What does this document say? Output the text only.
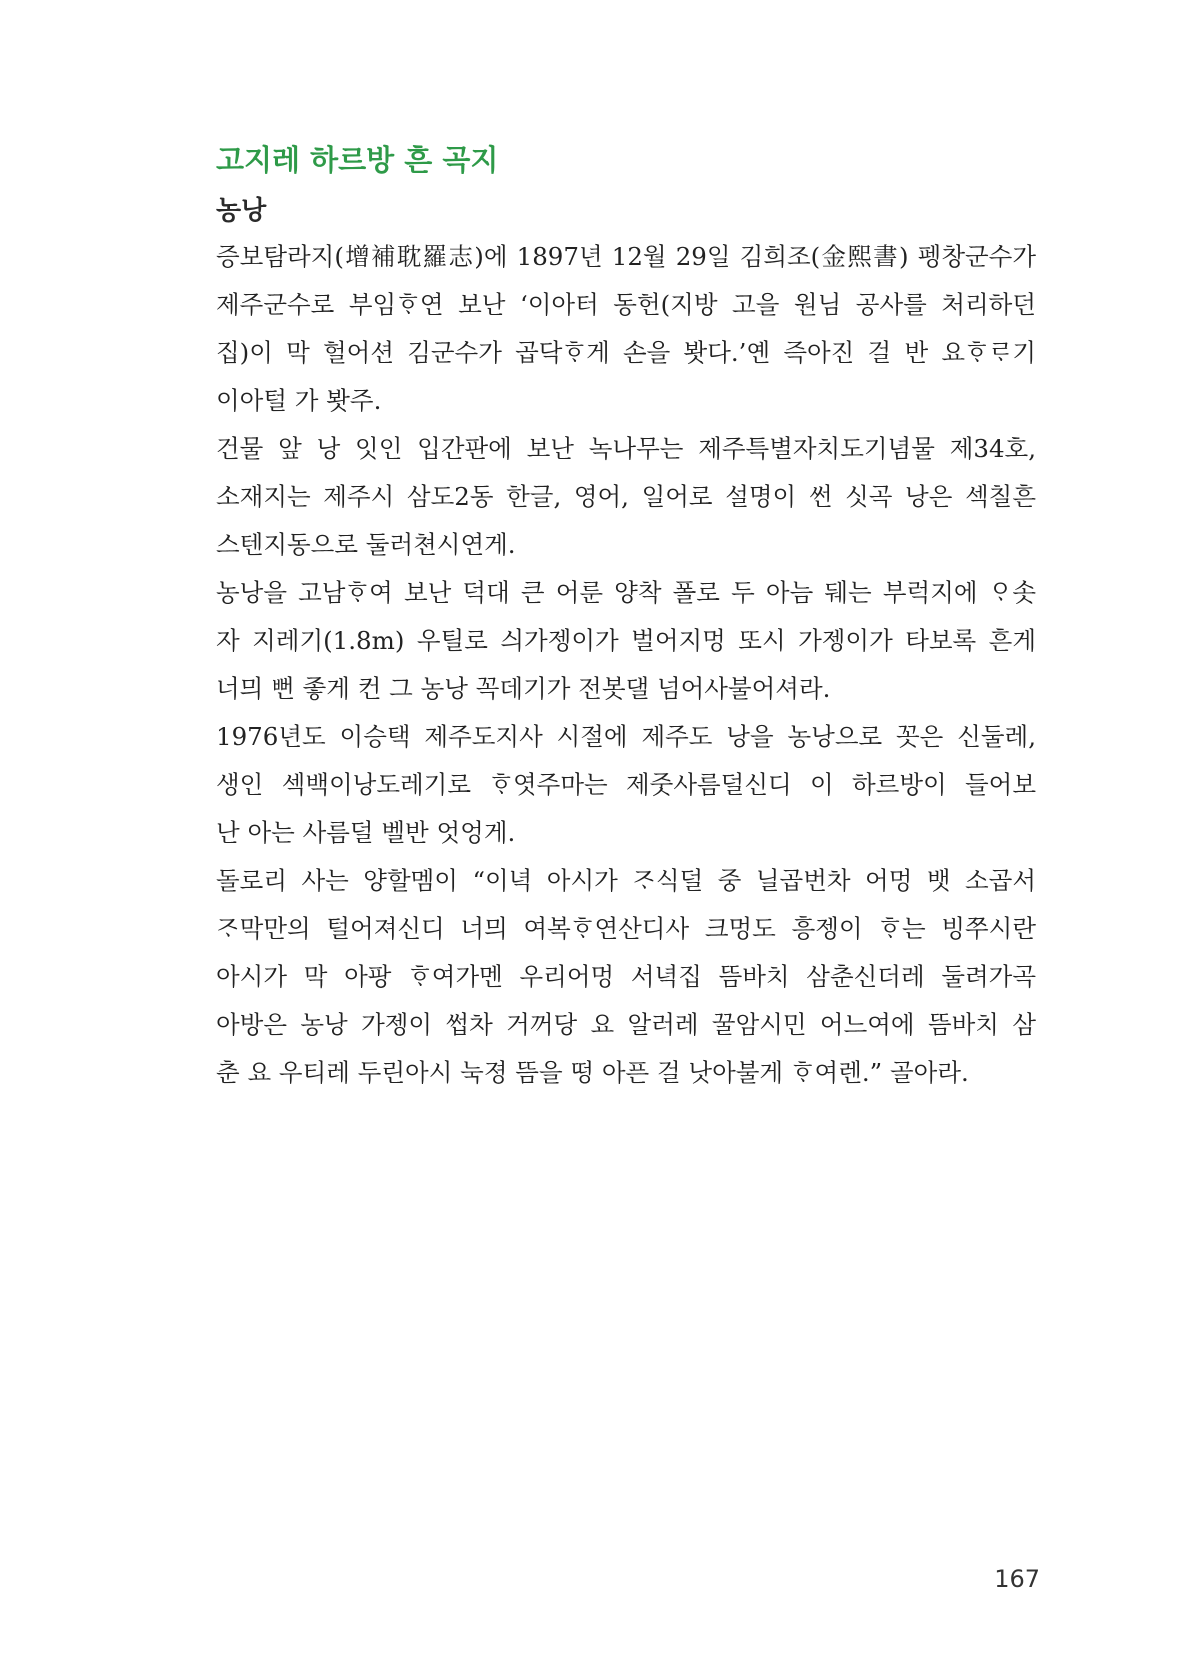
고지레 하르방 흔 곡지
농낭

증보탐라지(增補耽羅志)에 1897년 12월 29일 김희조(金熙書) 펭창군수가
제주군수로 부임ᄒᆞ연 보난 ‘이아터 동헌(지방 고을 원님 공사를 처리하던
집)이 막 헐어션 김군수가 곱닥ᄒᆞ게 손을 봣다.’옌 즉아진 걸 반 요ᄒᆞᄅᆞ기
이아털 가 봣주.

건물 앞 낭 잇인 입간판에 보난 녹나무는 제주특별자치도기념물 제34호,
소재지는 제주시 삼도2동 한글, 영어, 일어로 설명이 썬 싯곡 낭은 섹칠흔
스텐지동으로 둘러쳔시연게.

농낭을 고남ᄒᆞ여 보난 덕대 큰 어룬 양착 폴로 두 아늠 뒈는 부럭지에 ᄋᆞ솟
자 지레기(1.8m) 우틸로 싀가젱이가 벌어지멍 또시 가젱이가 타보록 흔게
너믜 뻔 좋게 컨 그 농낭 꼭데기가 전봇댈 넘어사불어셔라.

1976년도 이승택 제주도지사 시절에 제주도 낭을 농낭으로 꼿은 신둘레,
생인 섹백이낭도레기로 ᄒᆞ엿주마는 제줏사름덜신디 이 하르방이 들어보
난 아는 사름덜 벨반 엇엉게.

돌로리 사는 양할멤이 “이녁 아시가 ᄌᆞ식덜 중 닐곱번차 어멍 뱃 소곱서
ᄌᆞ막만의 털어져신디 너믜 여복ᄒᆞ연산디사 크멍도 흥젱이 ᄒᆞ는 빙쭈시란
아시가 막 아팡 ᄒᆞ여가멘 우리어멍 서녁집 뜸바치 삼춘신더레 둘려가곡
아방은 농낭 가젱이 썹차 거꺼당 요 알러레 꿀암시민 어느여에 뜸바치 삼
춘 요 우티레 두린아시 눅졍 뜸을 떵 아픈 걸 낫아불게 ᄒᆞ여렌.” 골아라.

167
